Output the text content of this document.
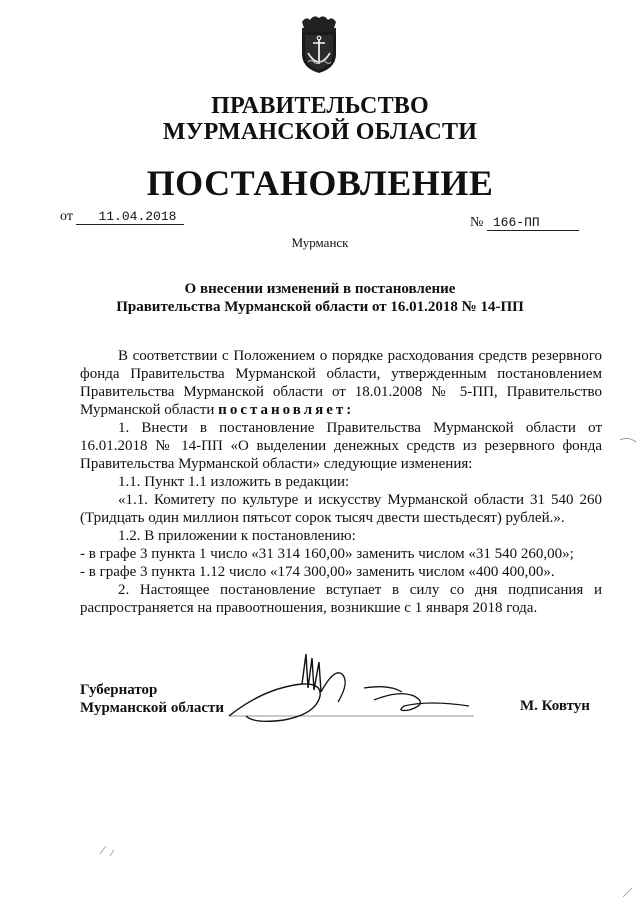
ПРАВИТЕЛЬСТВО
МУРМАНСКОЙ ОБЛАСТИ
ПОСТАНОВЛЕНИЕ
от 11.04.2018	№ 166-ПП
Мурманск
О внесении изменений в постановление
Правительства Мурманской области от 16.01.2018 № 14-ПП

В соответствии с Положением о порядке расходования средств резервного фонда Правительства Мурманской области, утвержденным постановлением Правительства Мурманской области от 18.01.2008 № 5-ПП, Правительство Мурманской области постановляет:

1. Внести в постановление Правительства Мурманской области от 16.01.2018 № 14-ПП «О выделении денежных средств из резервного фонда Правительства Мурманской области» следующие изменения:

1.1. Пункт 1.1 изложить в редакции:

«1.1. Комитету по культуре и искусству Мурманской области 31 540 260 (Тридцать один миллион пятьсот сорок тысяч двести шестьдесят) рублей.».

1.2. В приложении к постановлению:

- в графе 3 пункта 1 число «31 314 160,00» заменить числом «31 540 260,00»;

- в графе 3 пункта 1.12 число «174 300,00» заменить числом «400 400,00».

2. Настоящее постановление вступает в силу со дня подписания и распространяется на правоотношения, возникшие с 1 января 2018 года.

Губернатор
Мурманской области	М. Ковтун
